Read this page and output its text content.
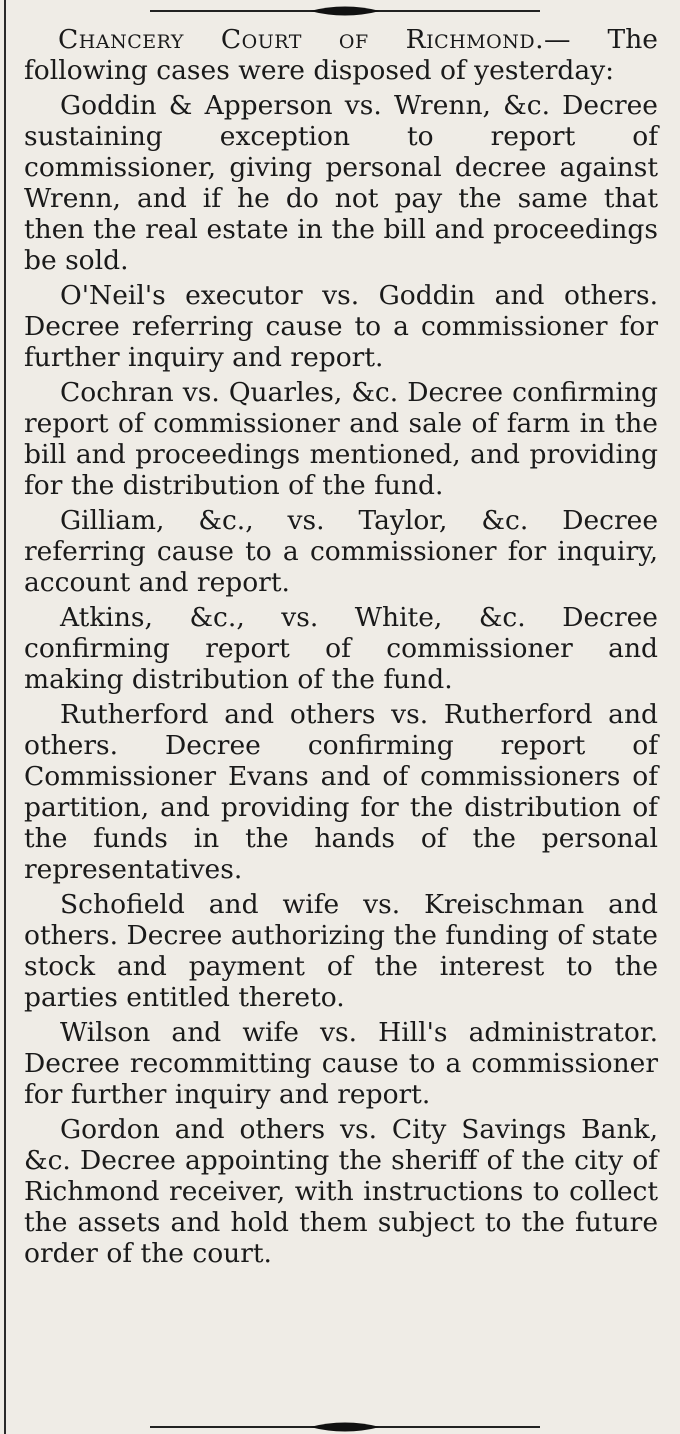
Chancery Court of Richmond.— The following cases were disposed of yesterday:

Goddin & Apperson vs. Wrenn, &c. Decree sustaining exception to report of commissioner, giving personal decree against Wrenn, and if he do not pay the same that then the real estate in the bill and proceedings be sold.

O'Neil's executor vs. Goddin and others. Decree referring cause to a commissioner for further inquiry and report.

Cochran vs. Quarles, &c. Decree confirming report of commissioner and sale of farm in the bill and proceedings mentioned, and providing for the distribution of the fund.

Gilliam, &c., vs. Taylor, &c. Decree referring cause to a commissioner for inquiry, account and report.

Atkins, &c., vs. White, &c. Decree confirming report of commissioner and making distribution of the fund.

Rutherford and others vs. Rutherford and others. Decree confirming report of Commissioner Evans and of commissioners of partition, and providing for the distribution of the funds in the hands of the personal representatives.

Schofield and wife vs. Kreischman and others. Decree authorizing the funding of state stock and payment of the interest to the parties entitled thereto.

Wilson and wife vs. Hill's administrator. Decree recommitting cause to a commissioner for further inquiry and report.

Gordon and others vs. City Savings Bank, &c. Decree appointing the sheriff of the city of Richmond receiver, with instructions to collect the assets and hold them subject to the future order of the court.
